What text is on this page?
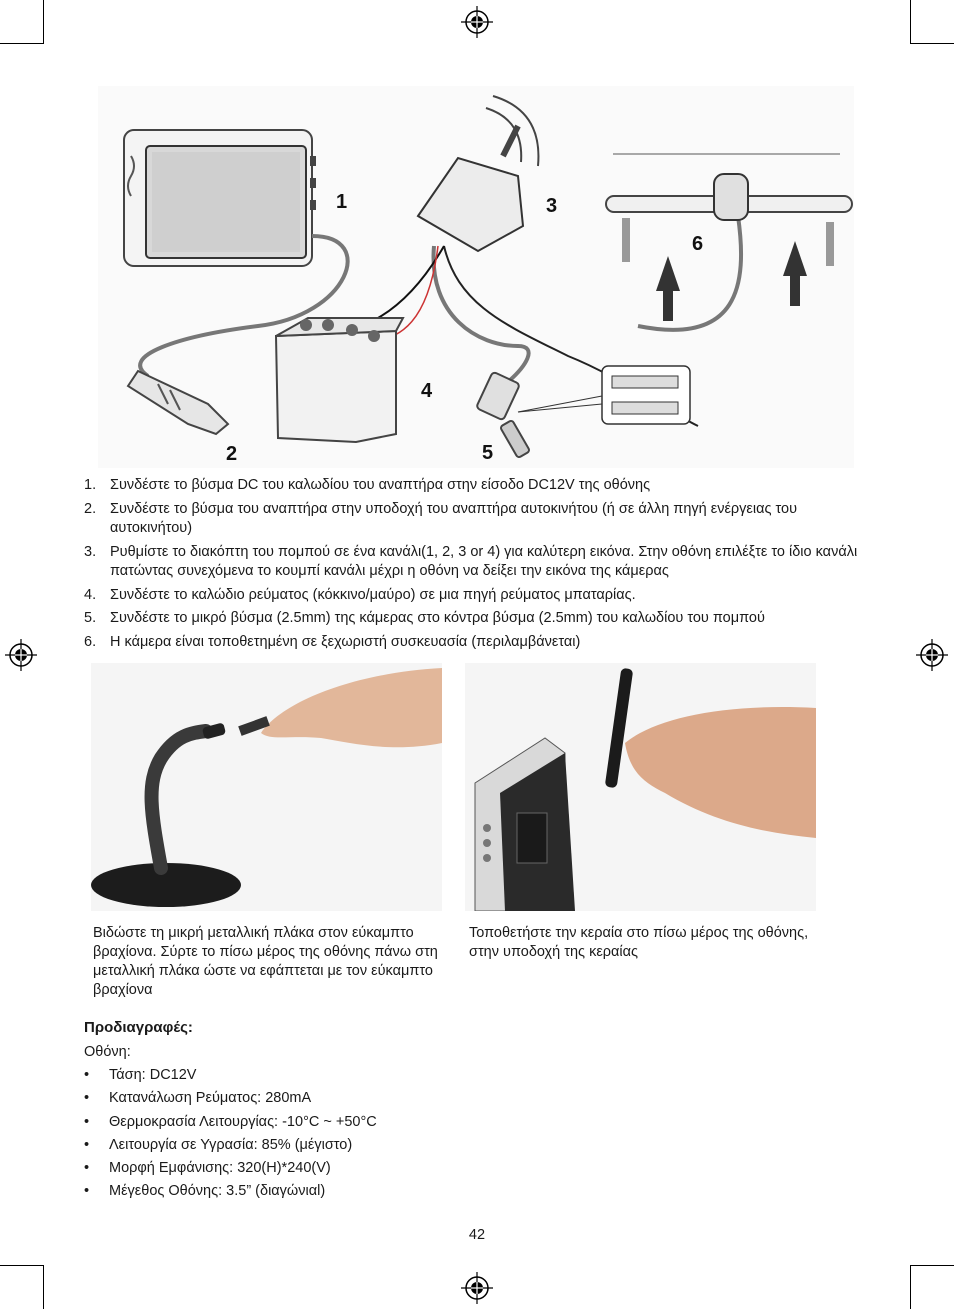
1
2
3
4
5
6
1. Συνδέστε το βύσμα DC του καλωδίου του αναπτήρα στην είσοδο DC12V της οθόνης
2. Συνδέστε το βύσμα του αναπτήρα στην υποδοχή του αναπτήρα αυτοκινήτου (ή σε άλλη πηγή ενέργειας του αυτοκινήτου)
3. Ρυθμίστε το διακόπτη του πομπού σε ένα κανάλι(1, 2, 3 or 4) για καλύτερη εικόνα. Στην οθόνη επιλέξτε το ίδιο κανάλι πατώντας συνεχόμενα το κουμπί κανάλι μέχρι η οθόνη να δείξει την εικόνα της κάμερας
4. Συνδέστε το καλώδιο ρεύματος (κόκκινο/μαύρο) σε μια πηγή ρεύματος μπαταρίας.
5. Συνδέστε το μικρό βύσμα (2.5mm) της κάμερας στο κόντρα βύσμα (2.5mm) του καλωδίου του πομπού
6. Η κάμερα είναι τοποθετημένη σε ξεχωριστή συσκευασία (περιλαμβάνεται)
Βιδώστε τη μικρή μεταλλική πλάκα στον εύκαμπτο βραχίονα. Σύρτε το πίσω μέρος της οθόνης πάνω στη μεταλλική πλάκα ώστε να εφάπτεται με τον εύκαμπτο βραχίονα
Τοποθετήστε την κεραία στο πίσω μέρος της οθόνης, στην υποδοχή της κεραίας
Προδιαγραφές:
Οθόνη:
• Τάση: DC12V
• Κατανάλωση Ρεύματος: 280mA
• Θερμοκρασία Λειτουργίας: -10°C ~ +50°C
• Λειτουργία σε Υγρασία: 85% (μέγιστο)
• Μορφή Εμφάνισης: 320(H)*240(V)
• Μέγεθος Οθόνης: 3.5” (διαγώνιαl)
42
